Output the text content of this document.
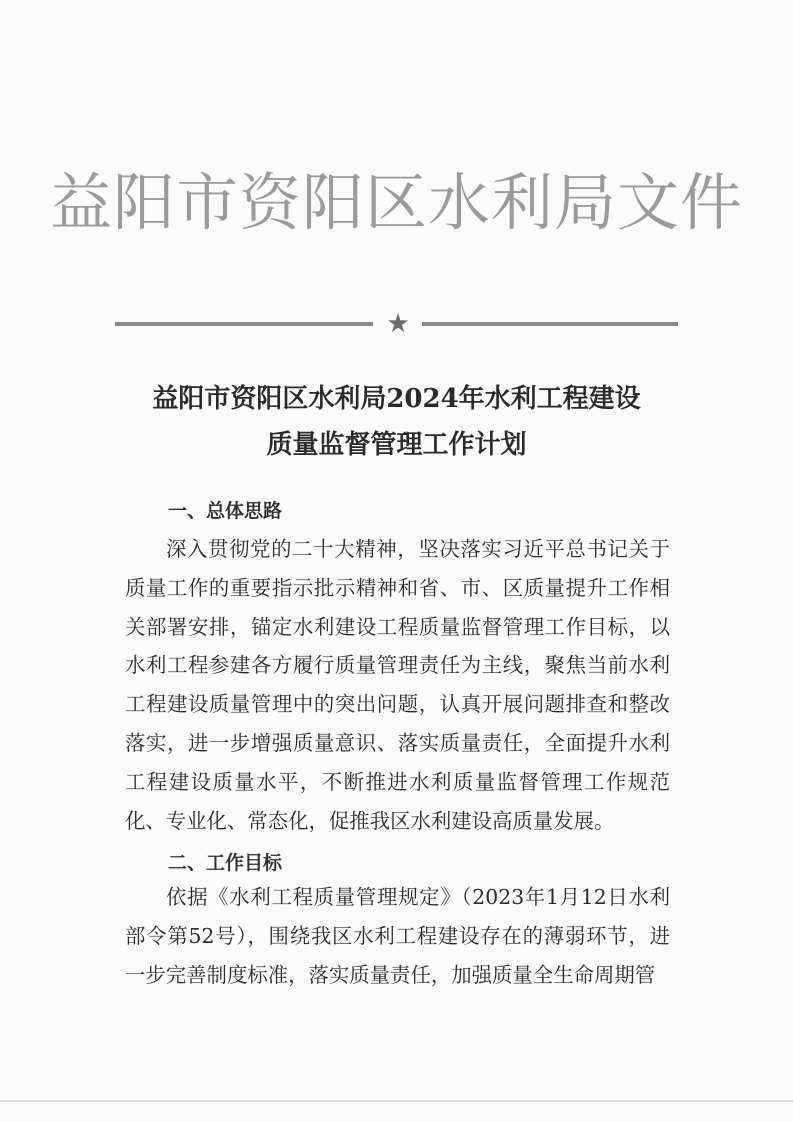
益阳市资阳区水利局文件
★
益阳市资阳区水利局2024年水利工程建设
质量监督管理工作计划
一、总体思路

深入贯彻党的二十大精神，坚决落实习近平总书记关于质量工作的重要指示批示精神和省、市、区质量提升工作相关部署安排，锚定水利建设工程质量监督管理工作目标，以水利工程参建各方履行质量管理责任为主线，聚焦当前水利工程建设质量管理中的突出问题，认真开展问题排查和整改落实，进一步增强质量意识、落实质量责任，全面提升水利工程建设质量水平，不断推进水利质量监督管理工作规范化、专业化、常态化，促推我区水利建设高质量发展。

二、工作目标

依据《水利工程质量管理规定》（2023年1月12日水利部令第52号），围绕我区水利工程建设存在的薄弱环节，进一步完善制度标准，落实质量责任，加强质量全生命周期管
